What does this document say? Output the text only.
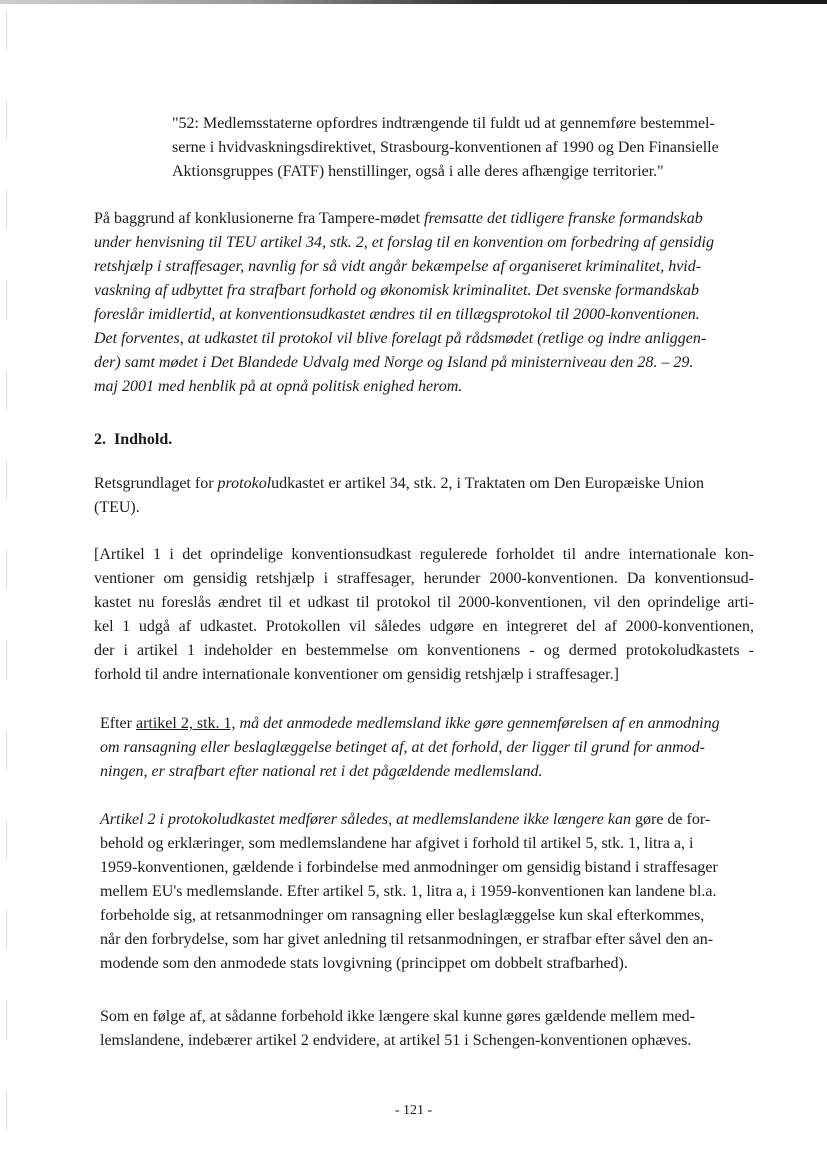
"52: Medlemsstaterne opfordres indtrængende til fuldt ud at gennemføre bestemmel-
serne i hvidvaskningsdirektivet, Strasbourg-konventionen af 1990 og Den Finansielle
Aktionsgruppes (FATF) henstillinger, også i alle deres afhængige territorier."
På baggrund af konklusionerne fra Tampere-mødet fremsatte det tidligere franske formandskab
under henvisning til TEU artikel 34, stk. 2, et forslag til en konvention om forbedring af gensidig
retshjælp i straffesager, navnlig for så vidt angår bekæmpelse af organiseret kriminalitet, hvid-
vaskning af udbyttet fra strafbart forhold og økonomisk kriminalitet. Det svenske formandskab
foreslår imidlertid, at konventionsudkastet ændres til en tillægsprotokol til 2000-konventionen.
Det forventes, at udkastet til protokol vil blive forelagt på rådsmødet (retlige og indre anliggen-
der) samt mødet i Det Blandede Udvalg med Norge og Island på ministerniveau den 28. – 29.
maj 2001 med henblik på at opnå politisk enighed herom.
2. Indhold.
Retsgrundlaget for protokoludkastet er artikel 34, stk. 2, i Traktaten om Den Europæiske Union
(TEU).
[Artikel 1 i det oprindelige konventionsudkast regulerede forholdet til andre internationale kon-
ventioner om gensidig retshjælp i straffesager, herunder 2000-konventionen. Da konventionsud-
kastet nu foreslås ændret til et udkast til protokol til 2000-konventionen, vil den oprindelige arti-
kel 1 udgå af udkastet. Protokollen vil således udgøre en integreret del af 2000-konventionen,
der i artikel 1 indeholder en bestemmelse om konventionens - og dermed protokoludkastets -
forhold til andre internationale konventioner om gensidig retshjælp i straffesager.]
Efter artikel 2, stk. 1, må det anmodede medlemsland ikke gøre gennemførelsen af en anmodning
om ransagning eller beslaglæggelse betinget af, at det forhold, der ligger til grund for anmod-
ningen, er strafbart efter national ret i det pågældende medlemsland.
Artikel 2 i protokoludkastet medfører således, at medlemslandene ikke længere kan gøre de for-
behold og erklæringer, som medlemslandene har afgivet i forhold til artikel 5, stk. 1, litra a, i
1959-konventionen, gældende i forbindelse med anmodninger om gensidig bistand i straffesager
mellem EU's medlemslande. Efter artikel 5, stk. 1, litra a, i 1959-konventionen kan landene bl.a.
forbeholde sig, at retsanmodninger om ransagning eller beslaglæggelse kun skal efterkommes,
når den forbrydelse, som har givet anledning til retsanmodningen, er strafbar efter såvel den an-
modende som den anmodede stats lovgivning (princippet om dobbelt strafbarhed).
Som en følge af, at sådanne forbehold ikke længere skal kunne gøres gældende mellem med-
lemslandene, indebærer artikel 2 endvidere, at artikel 51 i Schengen-konventionen ophæves.
- 121 -
